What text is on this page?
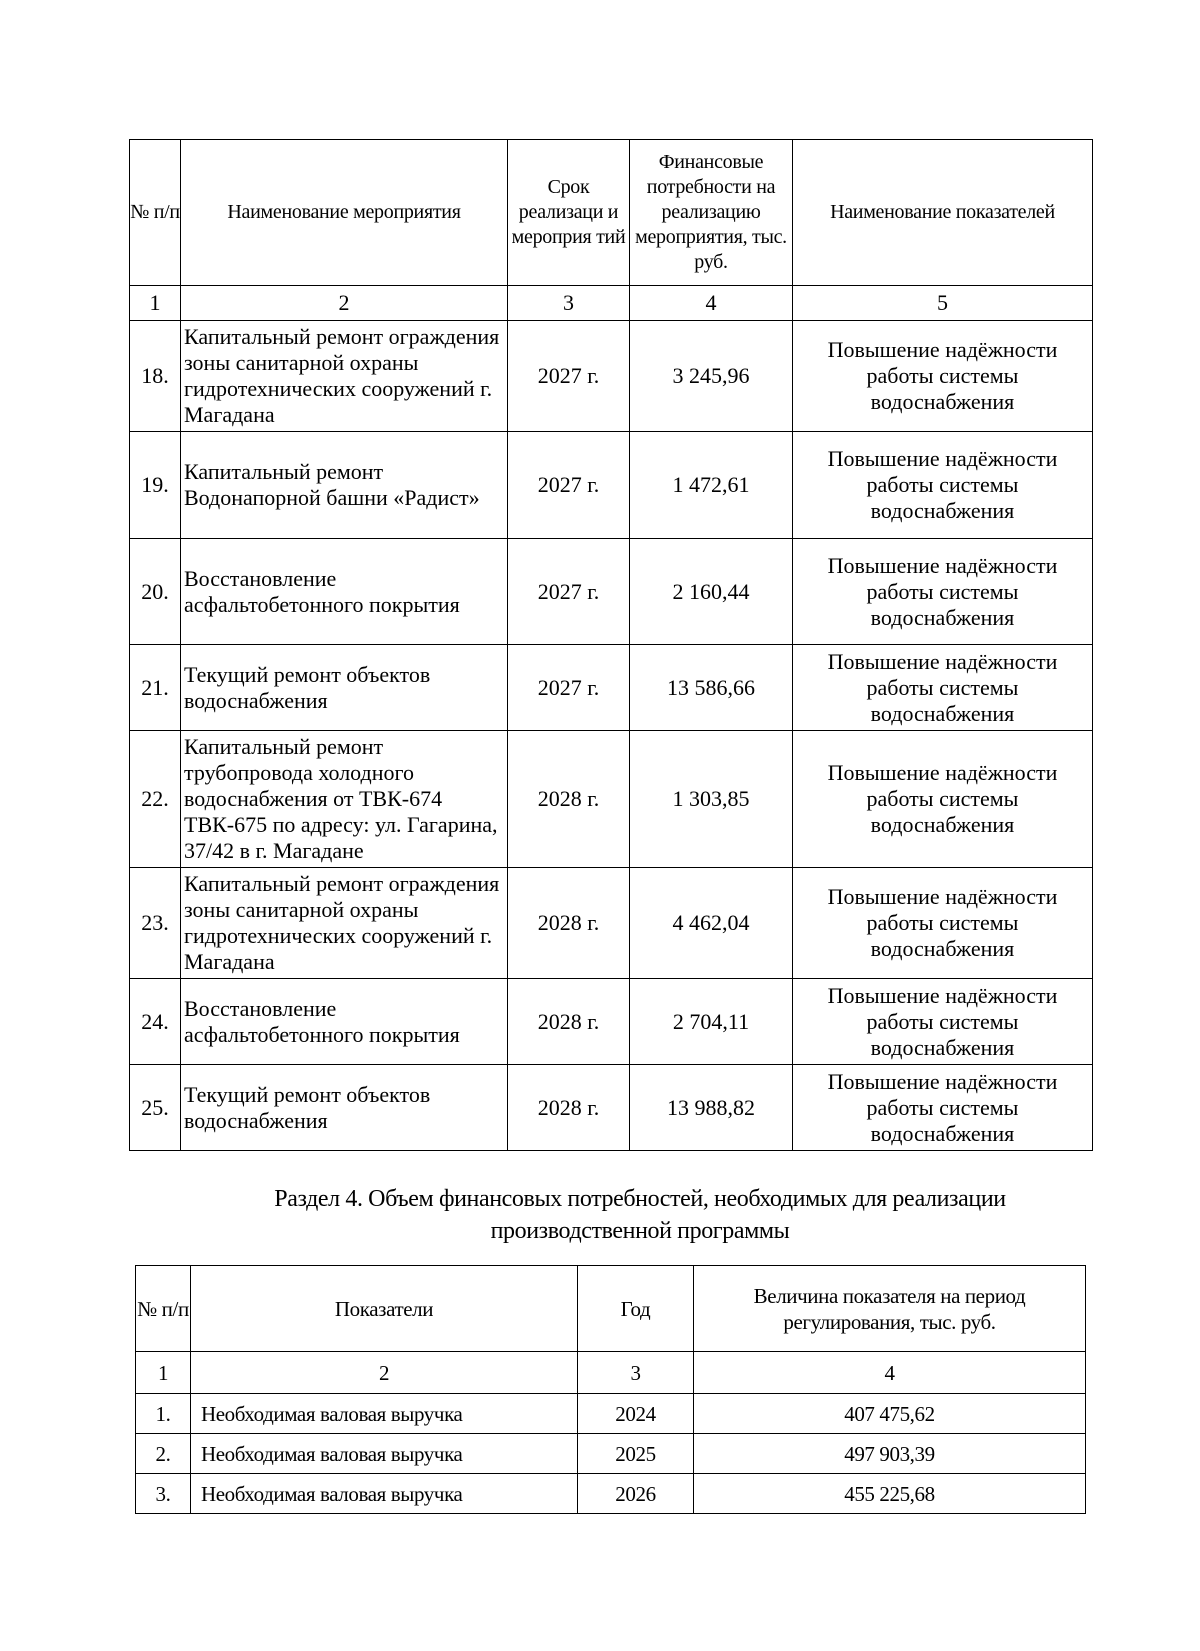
№ п/п	Наименование мероприятия	Срок реализаци и мероприя тий	Финансовые потребности на реализацию мероприятия, тыс. руб.	Наименование показателей
1	2	3	4	5
18.	Капитальный ремонт ограждения зоны санитарной охраны гидротехнических сооружений г. Магадана	2027 г.	3 245,96	Повышение надёжности работы системы водоснабжения
19.	Капитальный ремонт Водонапорной башни «Радист»	2027 г.	1 472,61	Повышение надёжности работы системы водоснабжения
20.	Восстановление асфальтобетонного покрытия	2027 г.	2 160,44	Повышение надёжности работы системы водоснабжения
21.	Текущий ремонт объектов водоснабжения	2027 г.	13 586,66	Повышение надёжности работы системы водоснабжения
22.	Капитальный ремонт трубопровода холодного водоснабжения от ТВК-674 ТВК-675 по адресу: ул. Гагарина, 37/42 в г. Магадане	2028 г.	1 303,85	Повышение надёжности работы системы водоснабжения
23.	Капитальный ремонт ограждения зоны санитарной охраны гидротехнических сооружений г. Магадана	2028 г.	4 462,04	Повышение надёжности работы системы водоснабжения
24.	Восстановление асфальтобетонного покрытия	2028 г.	2 704,11	Повышение надёжности работы системы водоснабжения
25.	Текущий ремонт объектов водоснабжения	2028 г.	13 988,82	Повышение надёжности работы системы водоснабжения
Раздел 4. Объем финансовых потребностей, необходимых для реализации
производственной программы
№ п/п	Показатели	Год	Величина показателя на период регулирования, тыс. руб.
1	2	3	4
1.	Необходимая валовая выручка	2024	407 475,62
2.	Необходимая валовая выручка	2025	497 903,39
3.	Необходимая валовая выручка	2026	455 225,68
